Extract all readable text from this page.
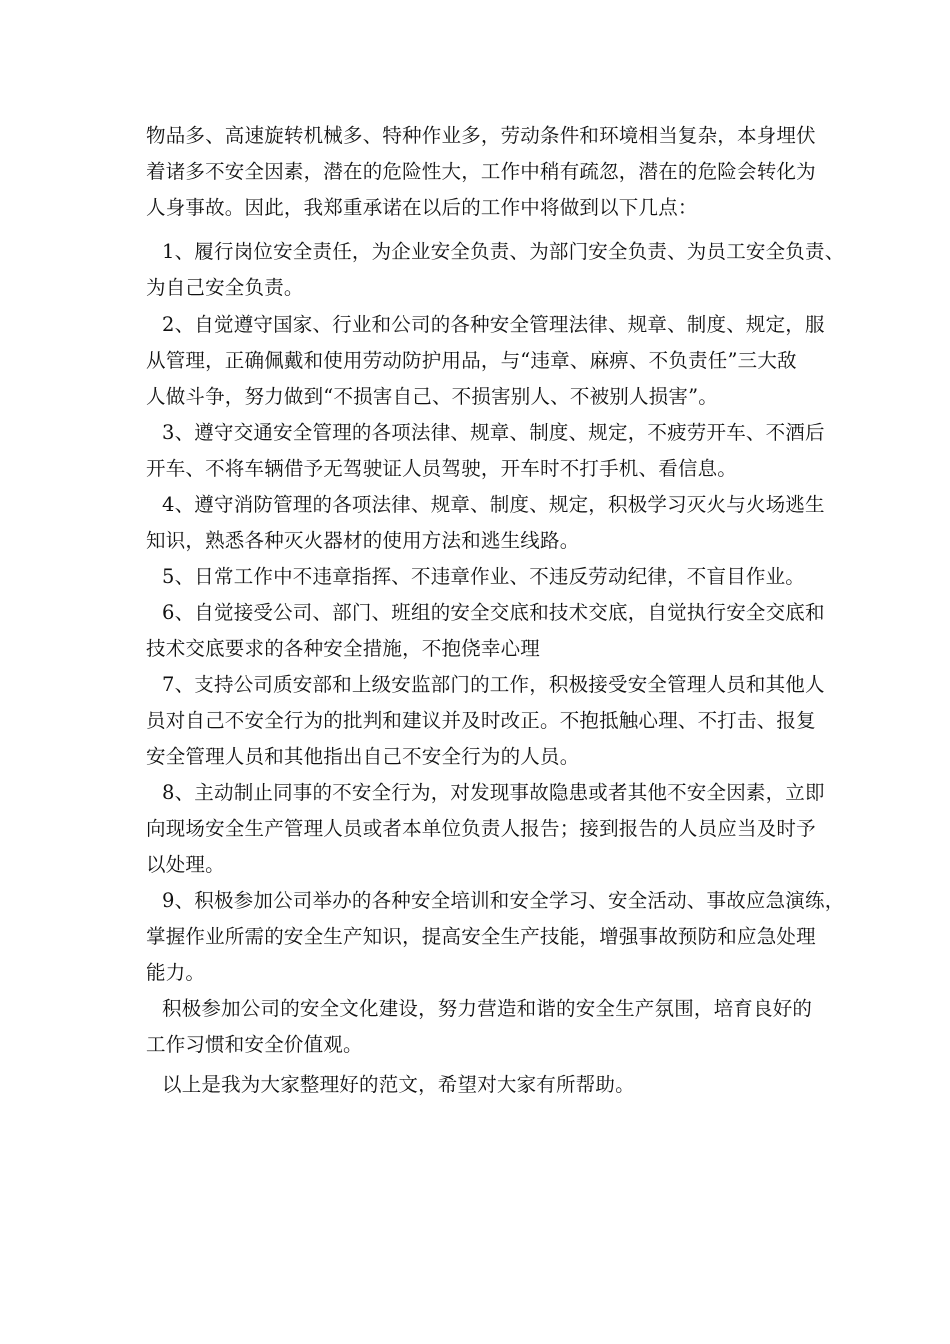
物品多、高速旋转机械多、特种作业多，劳动条件和环境相当复杂，本身埋伏
着诸多不安全因素，潜在的危险性大，工作中稍有疏忽，潜在的危险会转化为
人身事故。因此，我郑重承诺在以后的工作中将做到以下几点：
1、履行岗位安全责任，为企业安全负责、为部门安全负责、为员工安全负责、
为自己安全负责。
2、自觉遵守国家、行业和公司的各种安全管理法律、规章、制度、规定，服
从管理，正确佩戴和使用劳动防护用品，与“违章、麻痹、不负责任”三大敌
人做斗争，努力做到“不损害自己、不损害别人、不被别人损害”。
3、遵守交通安全管理的各项法律、规章、制度、规定，不疲劳开车、不酒后
开车、不将车辆借予无驾驶证人员驾驶，开车时不打手机、看信息。
4、遵守消防管理的各项法律、规章、制度、规定，积极学习灭火与火场逃生
知识，熟悉各种灭火器材的使用方法和逃生线路。
5、日常工作中不违章指挥、不违章作业、不违反劳动纪律，不盲目作业。
6、自觉接受公司、部门、班组的安全交底和技术交底，自觉执行安全交底和
技术交底要求的各种安全措施，不抱侥幸心理
7、支持公司质安部和上级安监部门的工作，积极接受安全管理人员和其他人
员对自己不安全行为的批判和建议并及时改正。不抱抵触心理、不打击、报复
安全管理人员和其他指出自己不安全行为的人员。
8、主动制止同事的不安全行为，对发现事故隐患或者其他不安全因素，立即
向现场安全生产管理人员或者本单位负责人报告；接到报告的人员应当及时予
以处理。
9、积极参加公司举办的各种安全培训和安全学习、安全活动、事故应急演练，
掌握作业所需的安全生产知识，提高安全生产技能，增强事故预防和应急处理
能力。
积极参加公司的安全文化建设，努力营造和谐的安全生产氛围，培育良好的
工作习惯和安全价值观。
以上是我为大家整理好的范文，希望对大家有所帮助。
